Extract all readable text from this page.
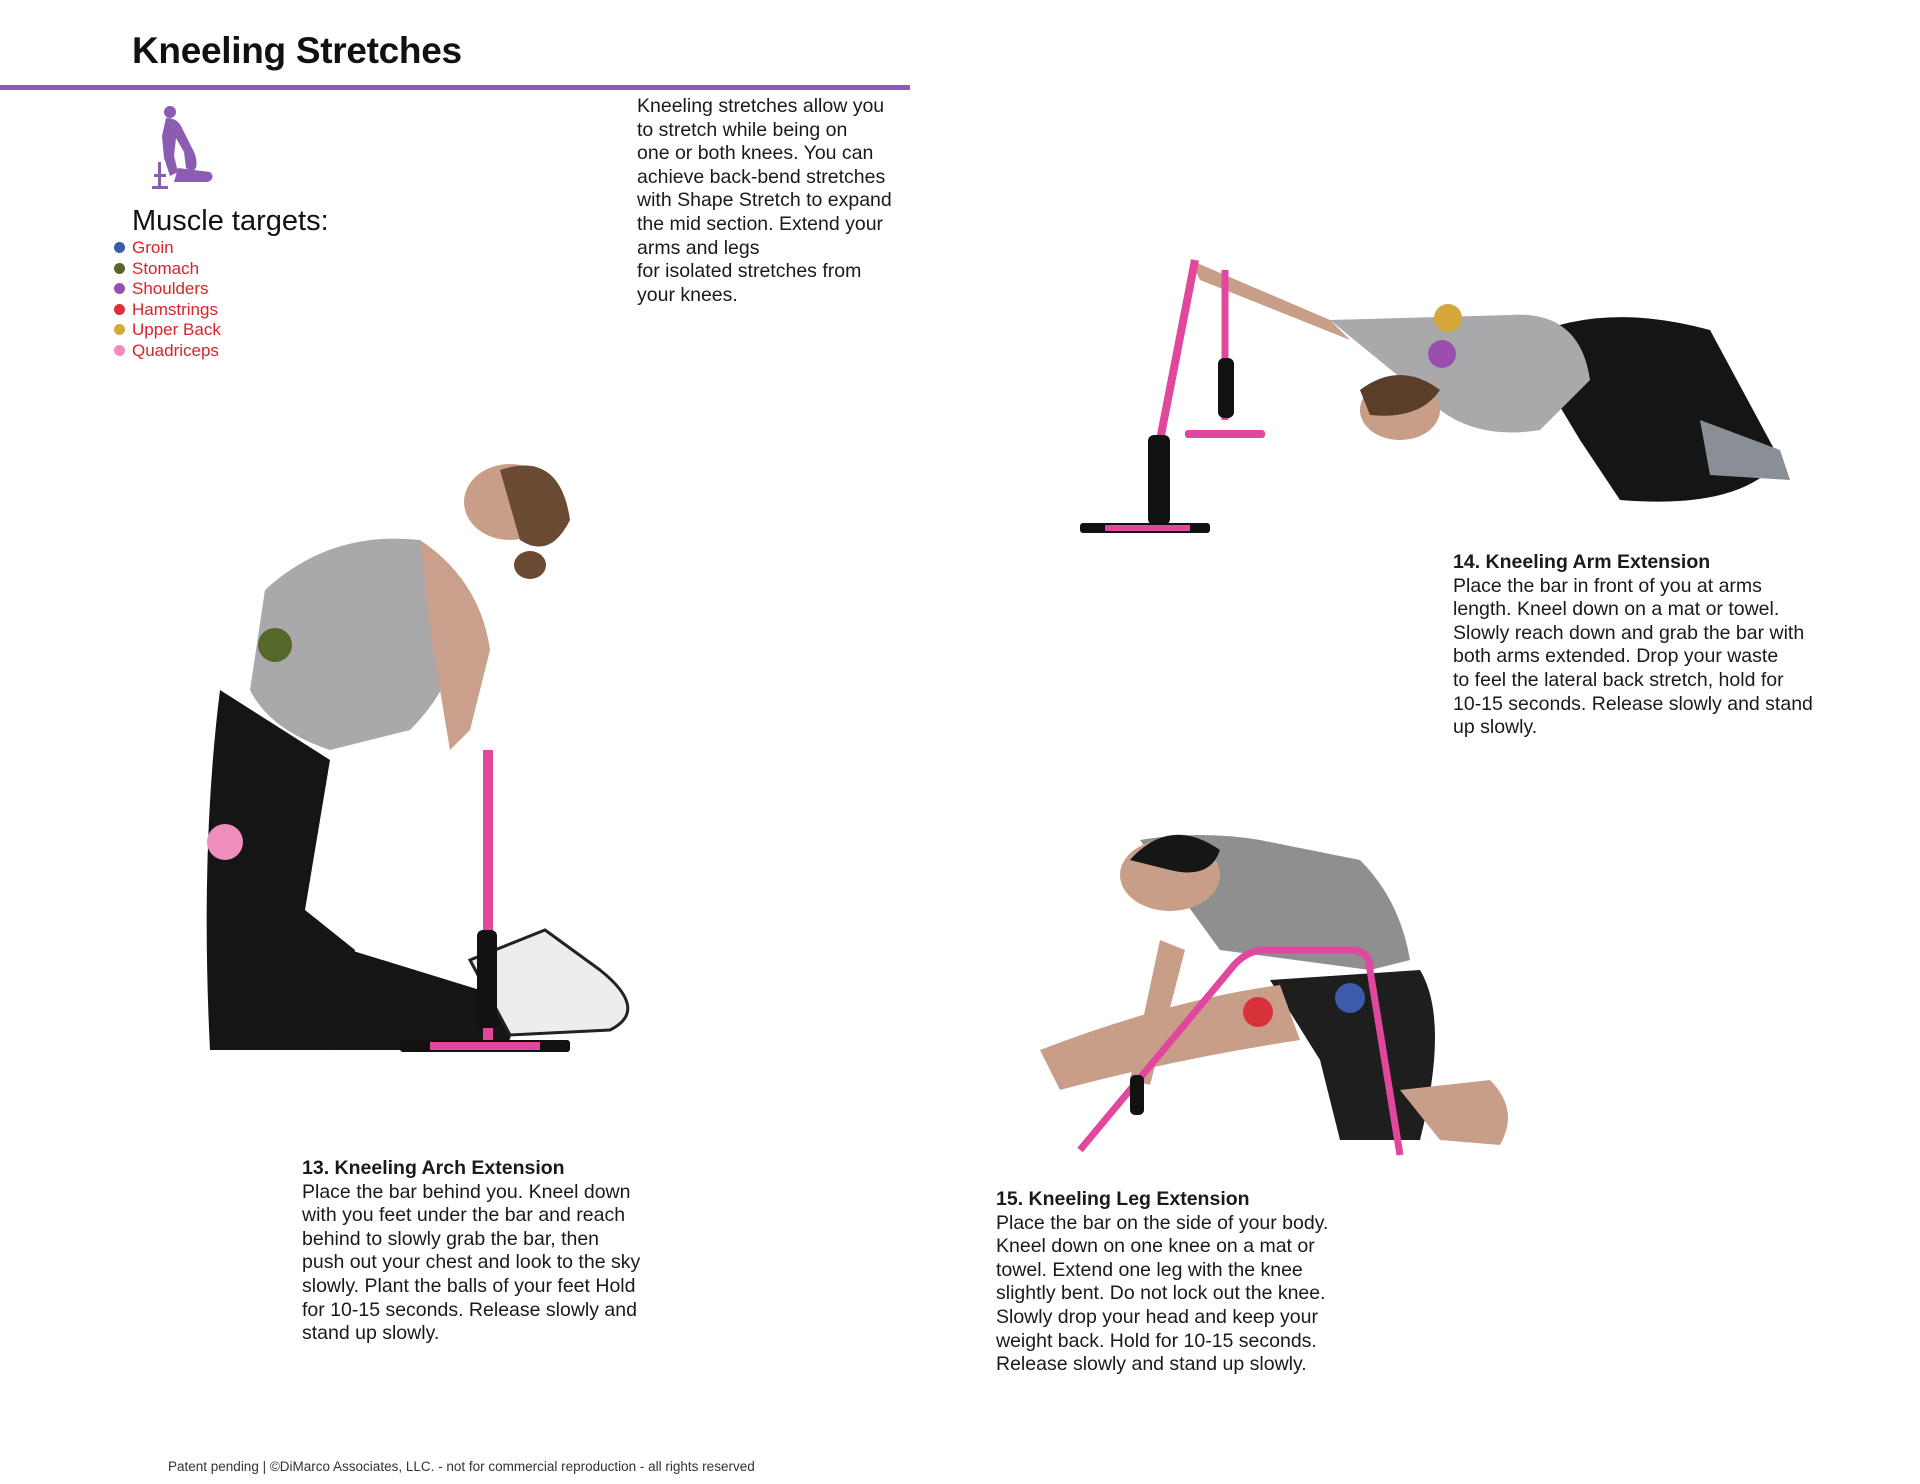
Kneeling Stretches
Muscle targets:
Groin
Stomach
Shoulders
Hamstrings
Upper Back
Quadriceps
Kneeling stretches allow you
to stretch while being on
one or both knees. You can
achieve back-bend stretches
with Shape Stretch to expand
the mid section. Extend your
arms and legs
for isolated stretches from
your knees.
13. Kneeling Arch Extension
Place the bar behind you. Kneel down
with you feet under the bar and reach
behind to slowly grab the bar, then
push out your chest and look to the sky
slowly. Plant the balls of your feet Hold
for 10-15 seconds. Release slowly and
stand up slowly.
14. Kneeling Arm Extension
Place the bar in front of you at arms
length. Kneel down on a mat or towel.
Slowly reach down and grab the bar with
both arms extended. Drop your waste
to feel the lateral back stretch, hold for
10-15 seconds. Release slowly and stand
up slowly.
15. Kneeling Leg Extension
Place the bar on the side of your body.
Kneel down on one knee on a mat or
towel. Extend one leg with the knee
slightly bent. Do not lock out the knee.
Slowly drop your head and keep your
weight back. Hold for 10-15 seconds.
Release slowly and stand up slowly.
Patent pending | ©DiMarco Associates, LLC. - not for commercial reproduction - all rights reserved
